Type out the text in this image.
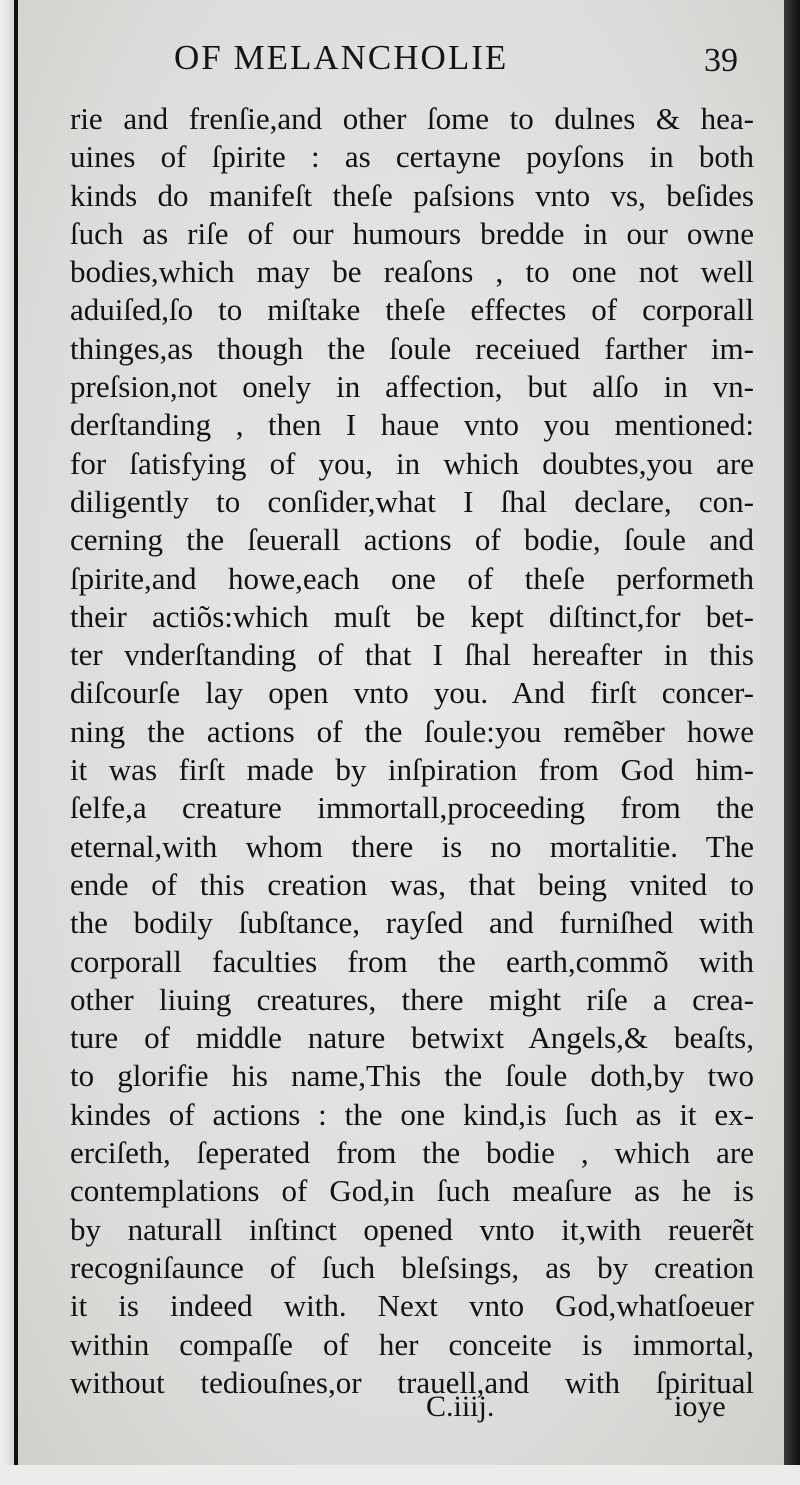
OF MELANCHOLIE	39
rie and frenſie,and other ſome to dulnes & hea-
uines of ſpirite : as certayne poyſons in both
kinds do manifeſt theſe paſsions vnto vs, beſides
ſuch as riſe of our humours bredde in our owne
bodies,which may be reaſons , to one not well
aduiſed,ſo to miſtake theſe effectes of corporall
thinges,as though the ſoule receiued farther im-
preſsion,not onely in affection, but alſo in vn-
derſtanding , then I haue vnto you mentioned:
for ſatisfying of you, in which doubtes,you are
diligently to conſider,what I ſhal declare, con-
cerning the ſeuerall actions of bodie, ſoule and
ſpirite,and howe,each one of theſe performeth
their actiõs:which muſt be kept diſtinct,for bet-
ter vnderſtanding of that I ſhal hereafter in this
diſcourſe lay open vnto you. And firſt concer-
ning the actions of the ſoule:you remẽber howe
it was firſt made by inſpiration from God him-
ſelfe,a creature immortall,proceeding from the
eternal,with whom there is no mortalitie. The
ende of this creation was, that being vnited to
the bodily ſubſtance, rayſed and furniſhed with
corporall faculties from the earth,commõ with
other liuing creatures, there might riſe a crea-
ture of middle nature betwixt Angels,& beaſts,
to glorifie his name,This the ſoule doth,by two
kindes of actions : the one kind,is ſuch as it ex-
erciſeth, ſeperated from the bodie , which are
contemplations of God,in ſuch meaſure as he is
by naturall inſtinct opened vnto it,with reuerẽt
recogniſaunce of ſuch bleſsings, as by creation
it is indeed with. Next vnto God,whatſoeuer
within compaſſe of her conceite is immortal,
without tediouſnes,or trauell,and with ſpiritual
C.iiij.	ioye
